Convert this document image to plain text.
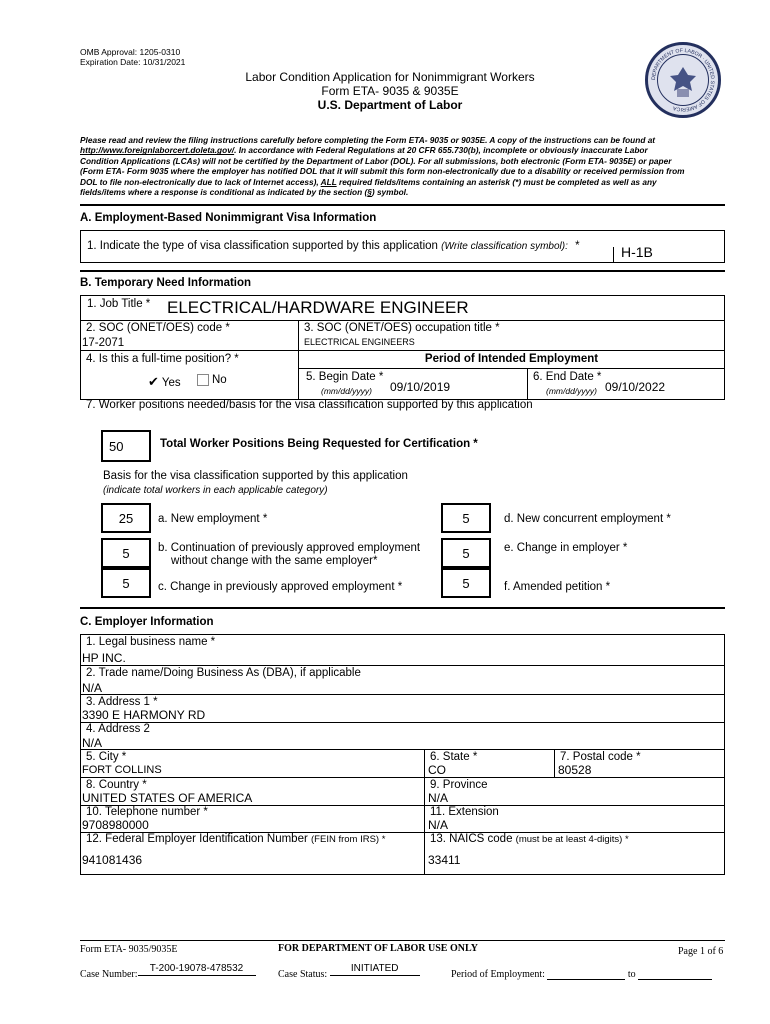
OMB Approval: 1205-0310
Expiration Date: 10/31/2021
Labor Condition Application for Nonimmigrant Workers
Form ETA- 9035 & 9035E
U.S. Department of Labor
DEPARTMENT OF LABOR · UNITED STATES OF AMERICA
Please read and review the filing instructions carefully before completing the Form ETA- 9035 or 9035E. A copy of the instructions can be found at
http://www.foreignlaborcert.doleta.gov/. In accordance with Federal Regulations at 20 CFR 655.730(b), incomplete or obviously inaccurate Labor
Condition Applications (LCAs) will not be certified by the Department of Labor (DOL). For all submissions, both electronic (Form ETA- 9035E) or paper
(Form ETA- Form 9035 where the employer has notified DOL that it will submit this form non-electronically due to a disability or received permission from
DOL to file non-electronically due to lack of Internet access), ALL required fields/items containing an asterisk (*) must be completed as well as any
fields/items where a response is conditional as indicated by the section (§) symbol.
A. Employment-Based Nonimmigrant Visa Information
1. Indicate the type of visa classification supported by this application (Write classification symbol): *	H-1B
B. Temporary Need Information
1. Job Title * ELECTRICAL/HARDWARE ENGINEER
2. SOC (ONET/OES) code *
17-2071
3. SOC (ONET/OES) occupation title *
ELECTRICAL ENGINEERS
4. Is this a full-time position? *
✔ Yes	No
Period of Intended Employment
5. Begin Date *
(mm/dd/yyyy) 09/10/2019
6. End Date *
(mm/dd/yyyy) 09/10/2022
7. Worker positions needed/basis for the visa classification supported by this application
50	Total Worker Positions Being Requested for Certification *
Basis for the visa classification supported by this application
(indicate total workers in each applicable category)
25	a. New employment *
5	b. Continuation of previously approved employment
without change with the same employer*
5	c. Change in previously approved employment *
5	d. New concurrent employment *
5	e. Change in employer *
5	f. Amended petition *
C. Employer Information
1. Legal business name *
HP INC.
2. Trade name/Doing Business As (DBA), if applicable
N/A
3. Address 1 *
3390 E HARMONY RD
4. Address 2
N/A
5. City *
FORT COLLINS
6. State *
CO
7. Postal code *
80528
8. Country *
UNITED STATES OF AMERICA
9. Province
N/A
10. Telephone number *
9708980000
11. Extension
N/A
12. Federal Employer Identification Number (FEIN from IRS) *
941081436
13. NAICS code (must be at least 4-digits) *
33411
Form ETA- 9035/9035E	FOR DEPARTMENT OF LABOR USE ONLY	Page 1 of 6
Case Number:T-200-19078-478532
Case Status: INITIATED
Period of Employment:	to
